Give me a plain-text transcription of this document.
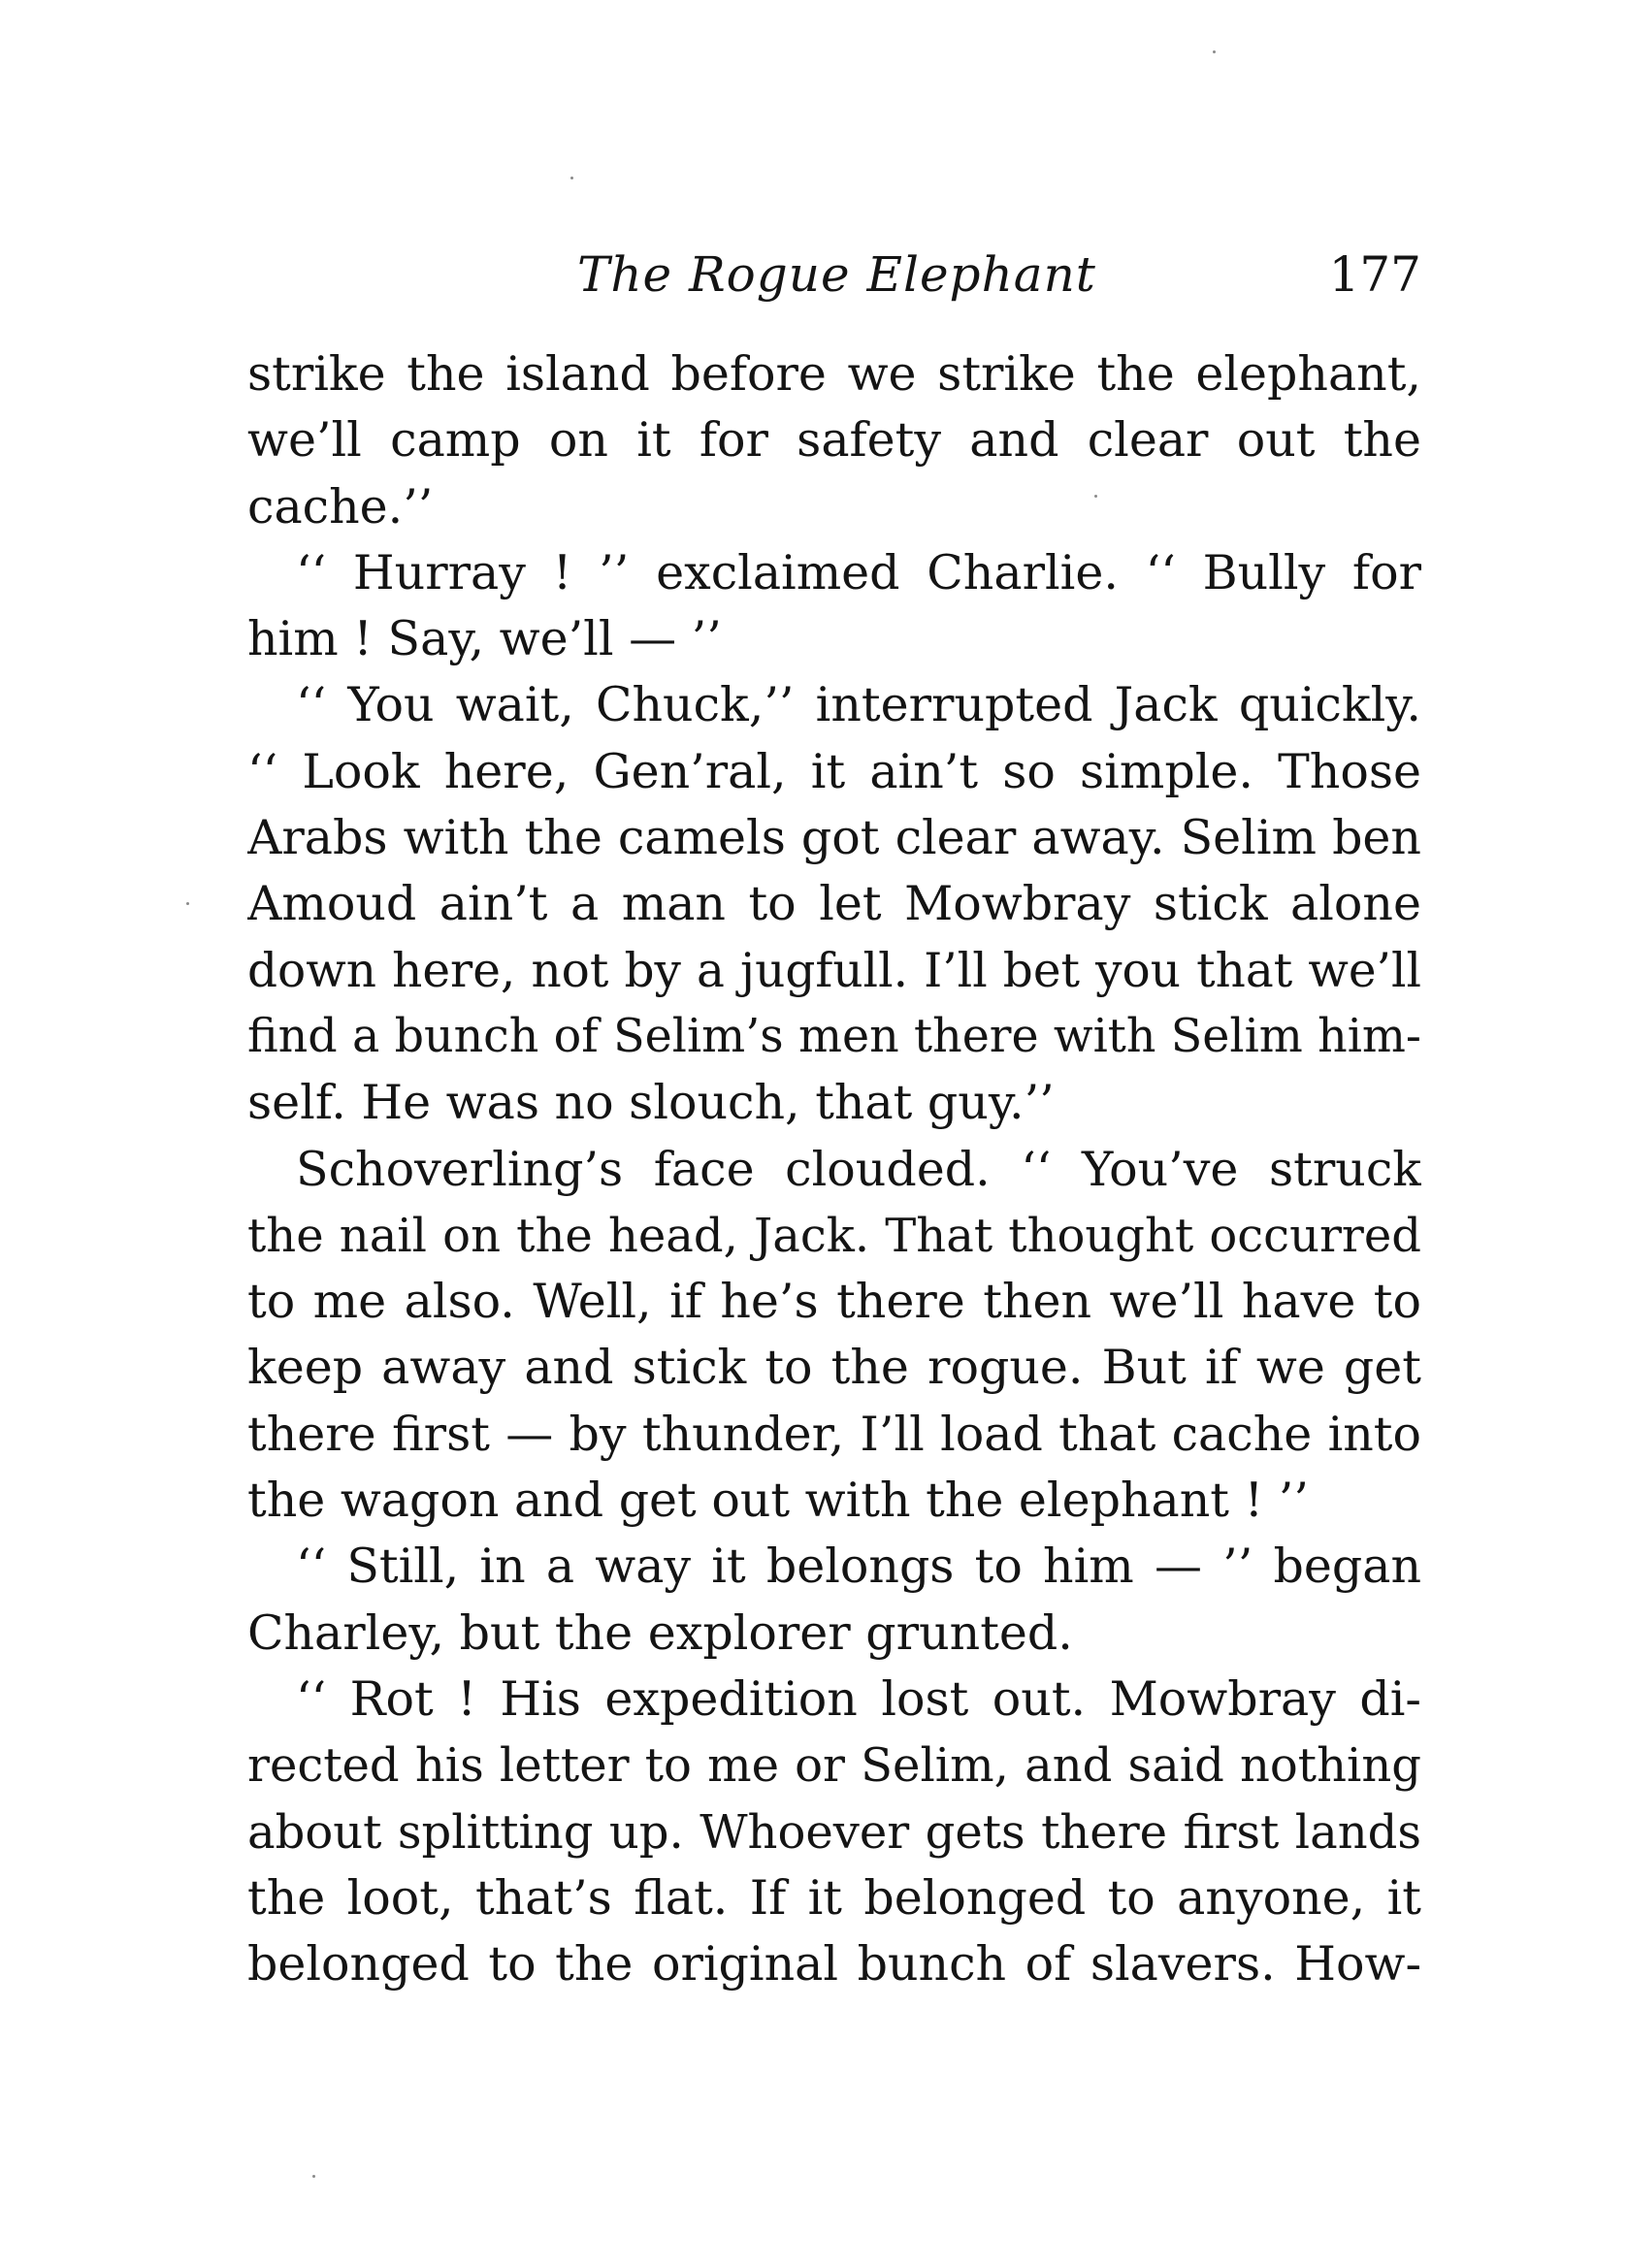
The Rogue Elephant	177
strike the island before we strike the elephant,
we’ll camp on it for safety and clear out the
cache.’’
‘‘ Hurray ! ’’ exclaimed Charlie. ‘‘ Bully for
him ! Say, we’ll — ’’
‘‘ You wait, Chuck,’’ interrupted Jack quickly.
‘‘ Look here, Gen’ral, it ain’t so simple. Those
Arabs with the camels got clear away. Selim ben
Amoud ain’t a man to let Mowbray stick alone
down here, not by a jugfull. I’ll bet you that we’ll
find a bunch of Selim’s men there with Selim him-
self. He was no slouch, that guy.’’
Schoverling’s face clouded. ‘‘ You’ve struck
the nail on the head, Jack. That thought occurred
to me also. Well, if he’s there then we’ll have to
keep away and stick to the rogue. But if we get
there first — by thunder, I’ll load that cache into
the wagon and get out with the elephant ! ’’
‘‘ Still, in a way it belongs to him — ’’ began
Charley, but the explorer grunted.
‘‘ Rot ! His expedition lost out. Mowbray di-
rected his letter to me or Selim, and said nothing
about splitting up. Whoever gets there first lands
the loot, that’s flat. If it belonged to anyone, it
belonged to the original bunch of slavers. How-
